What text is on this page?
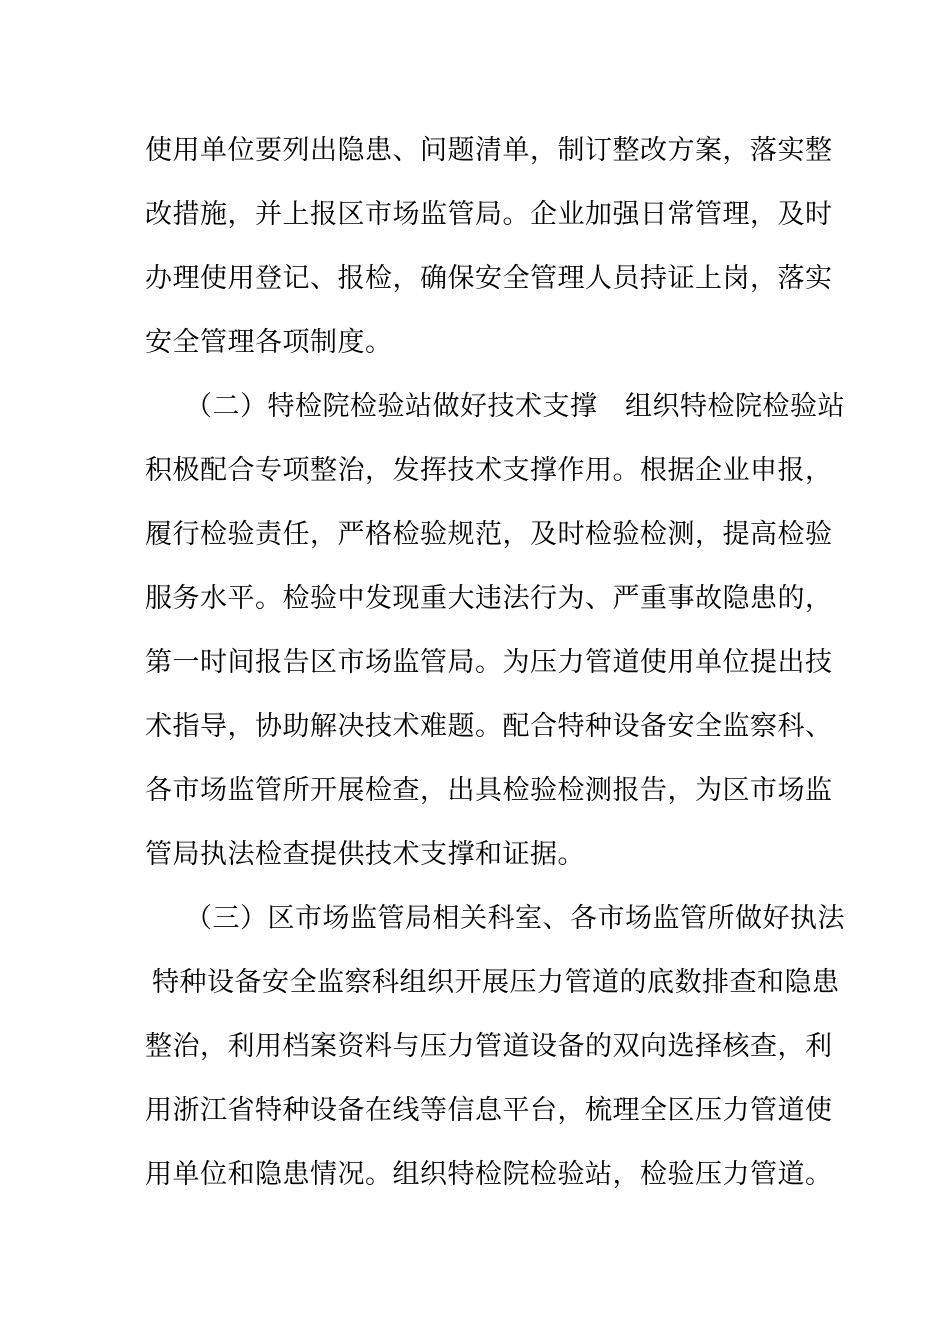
使用单位要列出隐患、问题清单，制订整改方案，落实整
改措施，并上报区市场监管局。企业加强日常管理，及时
办理使用登记、报检，确保安全管理人员持证上岗，落实
安全管理各项制度。
（二）特检院检验站做好技术支撑　组织特检院检验站
积极配合专项整治，发挥技术支撑作用。根据企业申报，
履行检验责任，严格检验规范，及时检验检测，提高检验
服务水平。检验中发现重大违法行为、严重事故隐患的，
第一时间报告区市场监管局。为压力管道使用单位提出技
术指导，协助解决技术难题。配合特种设备安全监察科、
各市场监管所开展检查，出具检验检测报告，为区市场监
管局执法检查提供技术支撑和证据。
（三）区市场监管局相关科室、各市场监管所做好执法
特种设备安全监察科组织开展压力管道的底数排查和隐患
整治，利用档案资料与压力管道设备的双向选择核查，利
用浙江省特种设备在线等信息平台，梳理全区压力管道使
用单位和隐患情况。组织特检院检验站，检验压力管道。
